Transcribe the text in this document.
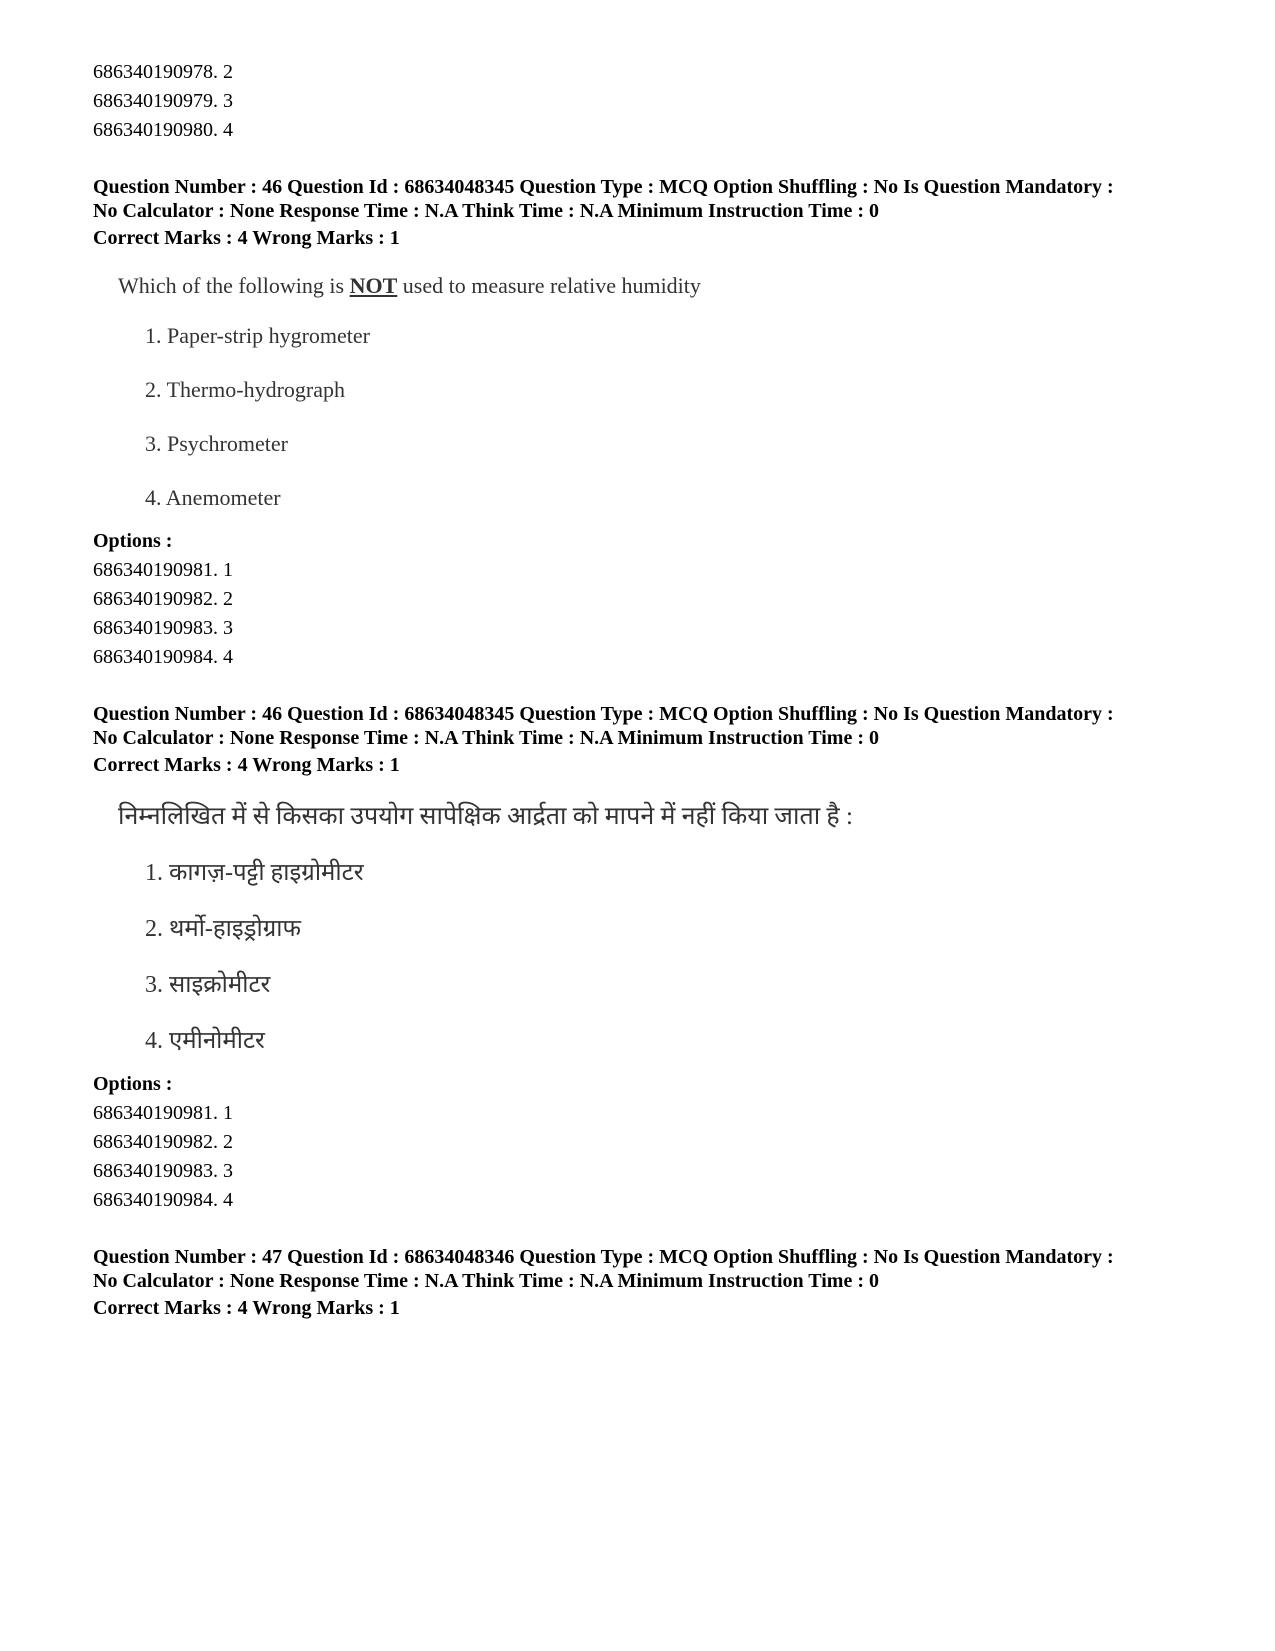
686340190978. 2

686340190979. 3

686340190980. 4

Question Number : 46 Question Id : 68634048345 Question Type : MCQ Option Shuffling : No Is Question Mandatory :

No Calculator : None Response Time : N.A Think Time : N.A Minimum Instruction Time : 0

Correct Marks : 4 Wrong Marks : 1

Which of the following is NOT used to measure relative humidity

1. Paper-strip hygrometer

2. Thermo-hydrograph

3. Psychrometer

4. Anemometer

Options :

686340190981. 1

686340190982. 2

686340190983. 3

686340190984. 4

Question Number : 46 Question Id : 68634048345 Question Type : MCQ Option Shuffling : No Is Question Mandatory :

No Calculator : None Response Time : N.A Think Time : N.A Minimum Instruction Time : 0

Correct Marks : 4 Wrong Marks : 1

निम्नलिखित में से किसका उपयोग सापेक्षिक आर्द्रता को मापने में नहीं किया जाता है :

1. कागज़-पट्टी हाइग्रोमीटर

2. थर्मो-हाइड्रोग्राफ

3. साइक्रोमीटर

4. एमीनोमीटर

Options :

686340190981. 1

686340190982. 2

686340190983. 3

686340190984. 4

Question Number : 47 Question Id : 68634048346 Question Type : MCQ Option Shuffling : No Is Question Mandatory :

No Calculator : None Response Time : N.A Think Time : N.A Minimum Instruction Time : 0

Correct Marks : 4 Wrong Marks : 1
